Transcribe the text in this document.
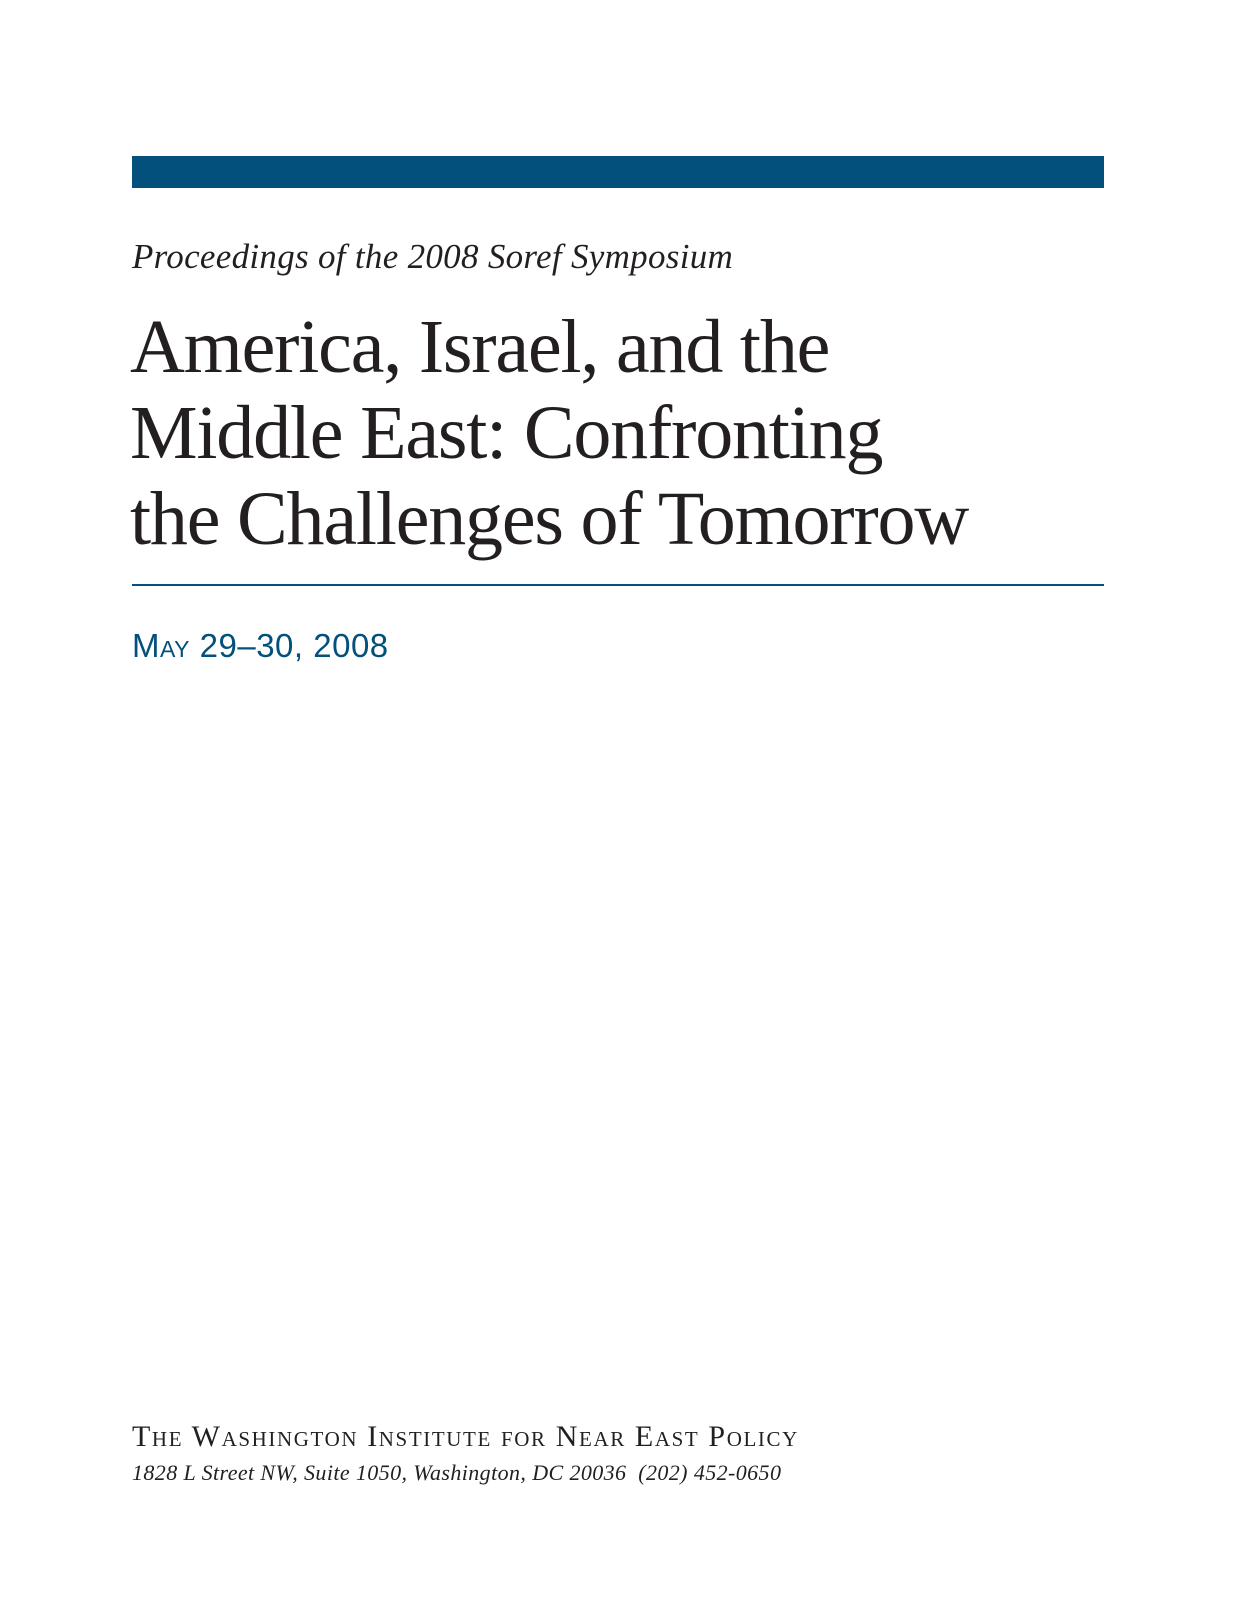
Proceedings of the 2008 Soref Symposium

America, Israel, and the
Middle East: Confronting
the Challenges of Tomorrow

May 29–30, 2008

The Washington Institute for Near East Policy

1828 L Street NW, Suite 1050, Washington, DC 20036  (202) 452-0650
